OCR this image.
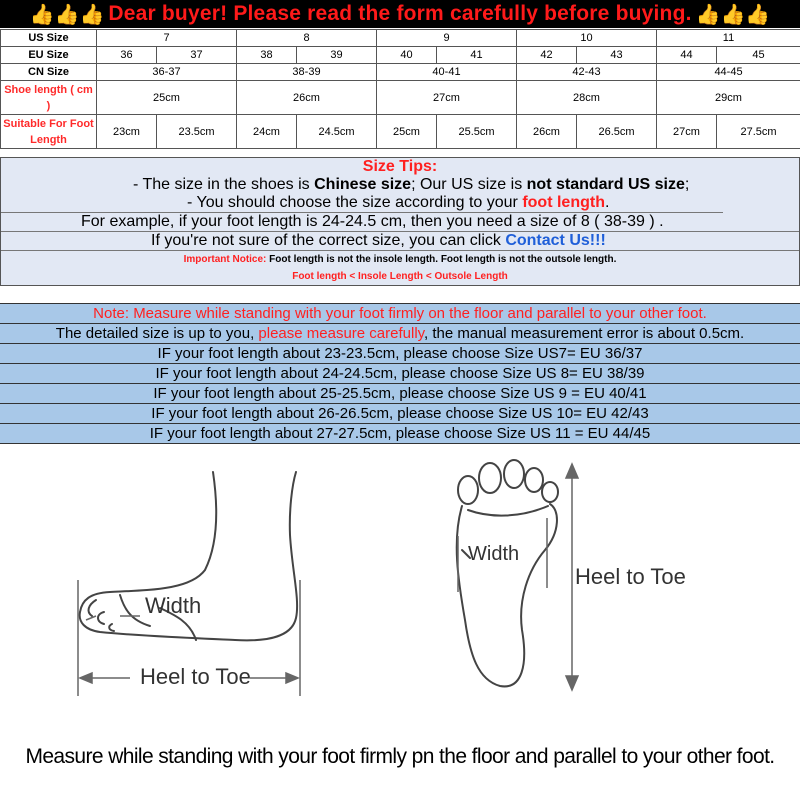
👍👍👍 Dear buyer! Please read the form carefully before buying. 👍👍👍
US Size	7		8		9		10		11	
EU Size	36	37	38	39	40	41	42	43	44	45
CN Size	36-37		38-39		40-41		42-43		44-45	
Shoe length ( cm )	25cm		26cm		27cm		28cm		29cm	
Suitable For Foot Length	23cm	23.5cm	24cm	24.5cm	25cm	25.5cm	26cm	26.5cm	27cm	27.5cm
Size Tips:
- The size in the shoes is Chinese size; Our US size is not standard US size;
- You should choose the size according to your foot length.
For example, if your foot length is 24-24.5 cm, then you need a size of 8 ( 38-39 ) .
If you're not sure of the correct size, you can click Contact Us!!!
Important Notice: Foot length is not the insole length. Foot length is not the outsole length.
Foot length < Insole Length < Outsole Length
Note: Measure while standing with your foot firmly on the floor and parallel to your other foot.
The detailed size is up to you, please measure carefully, the manual measurement error is about 0.5cm.
IF your foot length about 23-23.5cm, please choose Size US7= EU 36/37
IF your foot length about 24-24.5cm, please choose Size US 8= EU 38/39
IF your foot length about 25-25.5cm, please choose Size US 9 = EU 40/41
IF your foot length about 26-26.5cm, please choose Size US 10= EU 42/43
IF your foot length about 27-27.5cm, please choose Size US 11 = EU 44/45
Width
Heel to Toe
Width
Heel to Toe
Measure while standing with your foot firmly pn the floor and parallel to your other foot.
